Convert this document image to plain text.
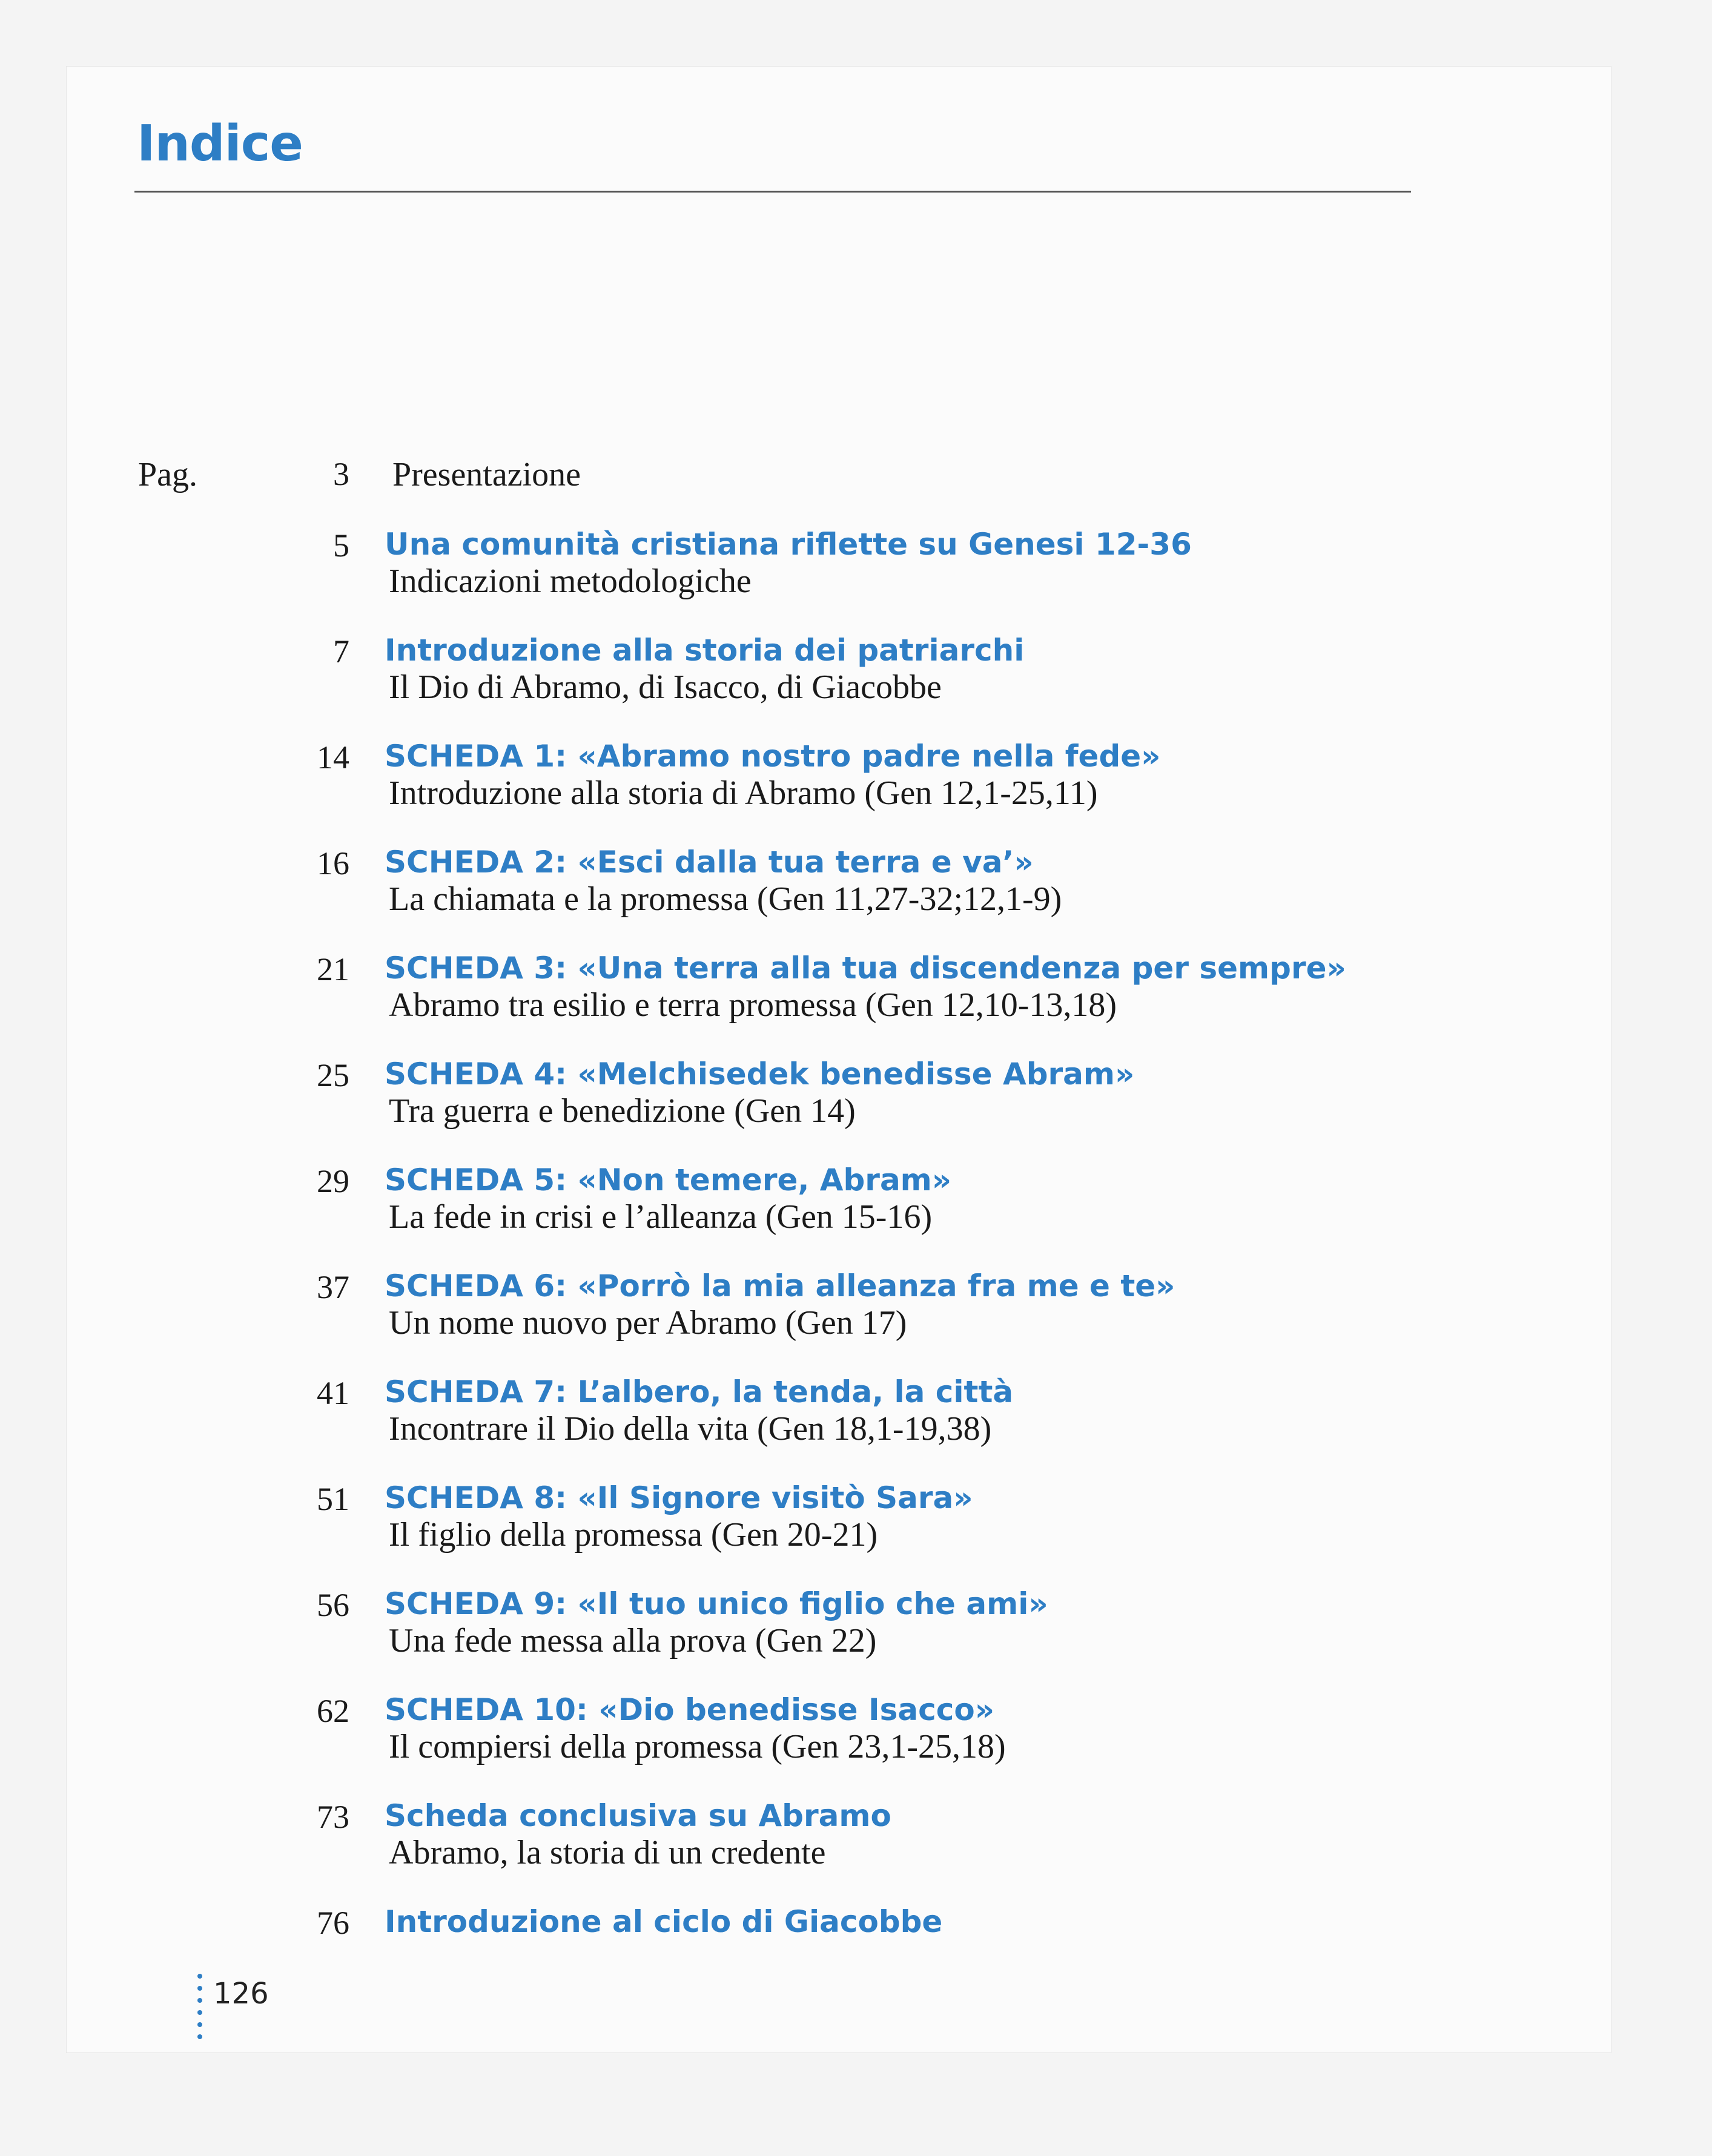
Indice
Pag.	3 Presentazione
5 Una comunità cristiana riflette su Genesi 12-36
Indicazioni metodologiche
7 Introduzione alla storia dei patriarchi
Il Dio di Abramo, di Isacco, di Giacobbe
14 SCHEDA 1: «Abramo nostro padre nella fede»
Introduzione alla storia di Abramo (Gen 12,1-25,11)
16 SCHEDA 2: «Esci dalla tua terra e va’»
La chiamata e la promessa (Gen 11,27-32;12,1-9)
21 SCHEDA 3: «Una terra alla tua discendenza per sempre»
Abramo tra esilio e terra promessa (Gen 12,10-13,18)
25 SCHEDA 4: «Melchisedek benedisse Abram»
Tra guerra e benedizione (Gen 14)
29 SCHEDA 5: «Non temere, Abram»
La fede in crisi e l’alleanza (Gen 15-16)
37 SCHEDA 6: «Porrò la mia alleanza fra me e te»
Un nome nuovo per Abramo (Gen 17)
41 SCHEDA 7: L’albero, la tenda, la città
Incontrare il Dio della vita (Gen 18,1-19,38)
51 SCHEDA 8: «Il Signore visitò Sara»
Il figlio della promessa (Gen 20-21)
56 SCHEDA 9: «Il tuo unico figlio che ami»
Una fede messa alla prova (Gen 22)
62 SCHEDA 10: «Dio benedisse Isacco»
Il compiersi della promessa (Gen 23,1-25,18)
73 Scheda conclusiva su Abramo
Abramo, la storia di un credente
76 Introduzione al ciclo di Giacobbe
126
